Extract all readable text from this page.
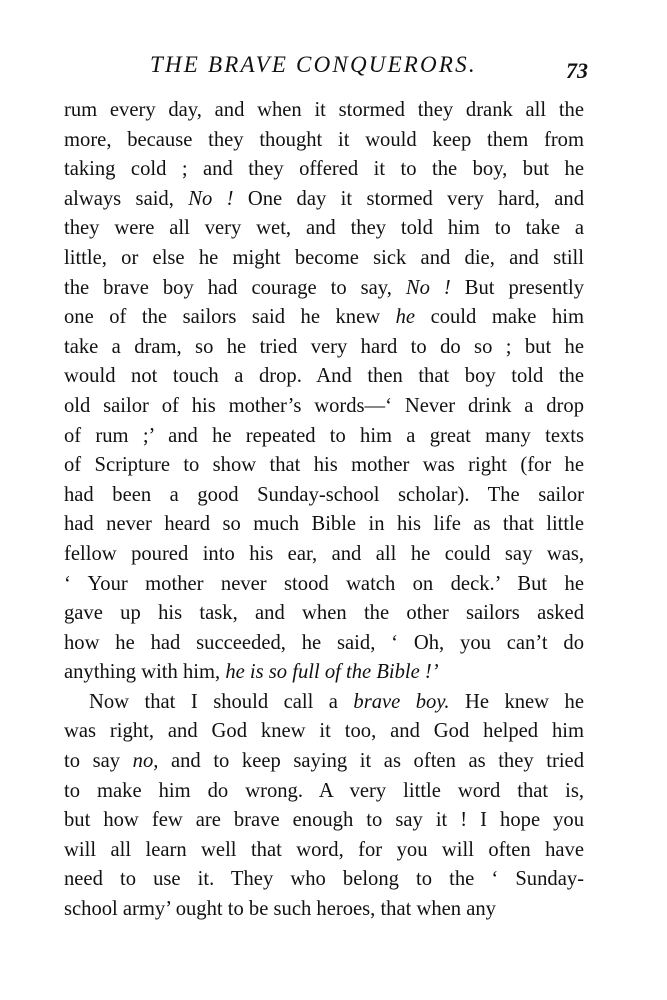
THE BRAVE CONQUERORS.	73
rum every day, and when it stormed they drank all the
more, because they thought it would keep them from
taking cold ; and they offered it to the boy, but he
always said, No ! One day it stormed very hard, and
they were all very wet, and they told him to take a
little, or else he might become sick and die, and still
the brave boy had courage to say, No ! But presently
one of the sailors said he knew he could make him
take a dram, so he tried very hard to do so ; but he
would not touch a drop. And then that boy told the
old sailor of his mother’s words—‘ Never drink a drop
of rum ;’ and he repeated to him a great many texts
of Scripture to show that his mother was right (for he
had been a good Sunday-school scholar). The sailor
had never heard so much Bible in his life as that little
fellow poured into his ear, and all he could say was,
‘ Your mother never stood watch on deck.’ But he
gave up his task, and when the other sailors asked
how he had succeeded, he said, ‘ Oh, you can’t do
anything with him, he is so full of the Bible !’
Now that I should call a brave boy. He knew he
was right, and God knew it too, and God helped him
to say no, and to keep saying it as often as they tried
to make him do wrong. A very little word that is,
but how few are brave enough to say it ! I hope you
will all learn well that word, for you will often have
need to use it. They who belong to the ‘ Sunday-
school army’ ought to be such heroes, that when any
